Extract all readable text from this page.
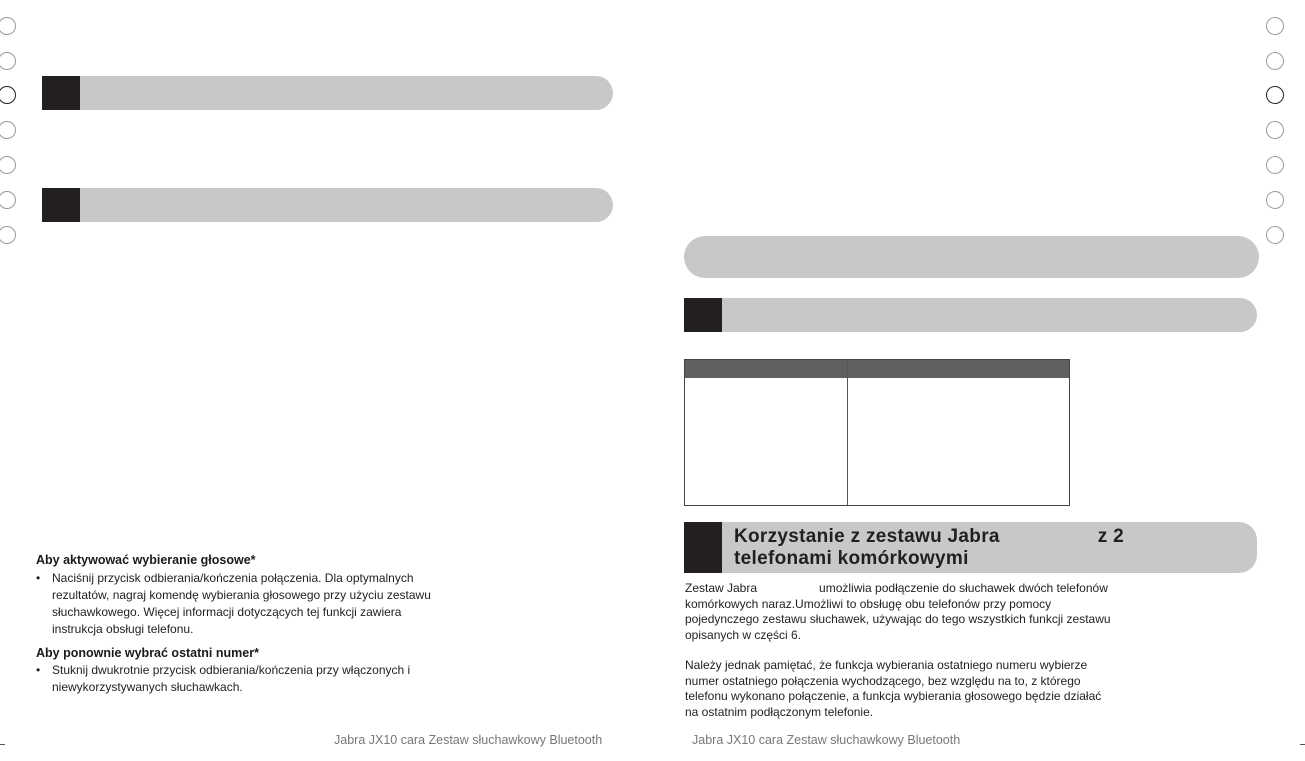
Aby aktywować wybieranie głosowe*
• Naciśnij przycisk odbierania/kończenia połączenia. Dla optymalnych rezultatów, nagraj komendę wybierania głosowego przy użyciu zestawu słuchawkowego. Więcej informacji dotyczących tej funkcji zawiera instrukcja obsługi telefonu.
Aby ponownie wybrać ostatni numer*
• Stuknij dwukrotnie przycisk odbierania/kończenia przy włączonych i niewykorzystywanych słuchawkach.
Jabra JX10 cara Zestaw słuchawkowy Bluetooth
Korzystanie z zestawu Jabra	z 2
telefonami komórkowymi

Zestaw Jabra	umożliwia podłączenie do słuchawek dwóch telefonów komórkowych naraz.Umożliwi to obsługę obu telefonów przy pomocy pojedynczego zestawu słuchawek, używając do tego wszystkich funkcji zestawu opisanych w części 6.

Należy jednak pamiętać, że funkcja wybierania ostatniego numeru wybierze numer ostatniego połączenia wychodzącego, bez względu na to, z którego telefonu wykonano połączenie, a funkcja wybierania głosowego będzie działać na ostatnim podłączonym telefonie.

Jabra JX10 cara Zestaw słuchawkowy Bluetooth
